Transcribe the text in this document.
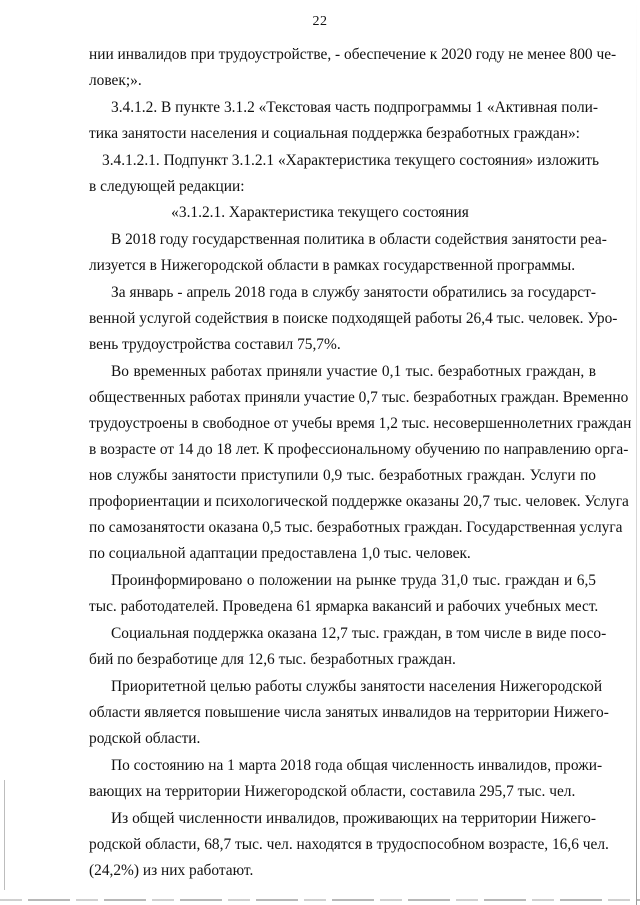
22
нии инвалидов при трудоустройстве, - обеспечение к 2020 году не менее 800 че-
ловек;».
3.4.1.2. В пункте 3.1.2 «Текстовая часть подпрограммы 1 «Активная поли-
тика занятости населения и социальная поддержка безработных граждан»:
3.4.1.2.1. Подпункт 3.1.2.1 «Характеристика текущего состояния» изложить
в следующей редакции:
«3.1.2.1. Характеристика текущего состояния
В 2018 году государственная политика в области содействия занятости реа-
лизуется в Нижегородской области в рамках государственной программы.
За январь - апрель 2018 года в службу занятости обратились за государст-
венной услугой содействия в поиске подходящей работы 26,4 тыс. человек. Уро-
вень трудоустройства составил 75,7%.
Во временных работах приняли участие 0,1 тыс. безработных граждан, в
общественных работах приняли участие 0,7 тыс. безработных граждан. Временно
трудоустроены в свободное от учебы время 1,2 тыс. несовершеннолетних граждан
в возрасте от 14 до 18 лет. К профессиональному обучению по направлению орга-
нов службы занятости приступили 0,9 тыс. безработных граждан. Услуги по
профориентации и психологической поддержке оказаны 20,7 тыс. человек. Услуга
по самозанятости оказана 0,5 тыс. безработных граждан. Государственная услуга
по социальной адаптации предоставлена 1,0 тыс. человек.
Проинформировано о положении на рынке труда 31,0 тыс. граждан и 6,5
тыс. работодателей. Проведена 61 ярмарка вакансий и рабочих учебных мест.
Социальная поддержка оказана 12,7 тыс. граждан, в том числе в виде посо-
бий по безработице для 12,6 тыс. безработных граждан.
Приоритетной целью работы службы занятости населения Нижегородской
области является повышение числа занятых инвалидов на территории Нижего-
родской области.
По состоянию на 1 марта 2018 года общая численность инвалидов, прожи-
вающих на территории Нижегородской области, составила 295,7 тыс. чел.
Из общей численности инвалидов, проживающих на территории Нижего-
родской области, 68,7 тыс. чел. находятся в трудоспособном возрасте, 16,6 чел.
(24,2%) из них работают.
